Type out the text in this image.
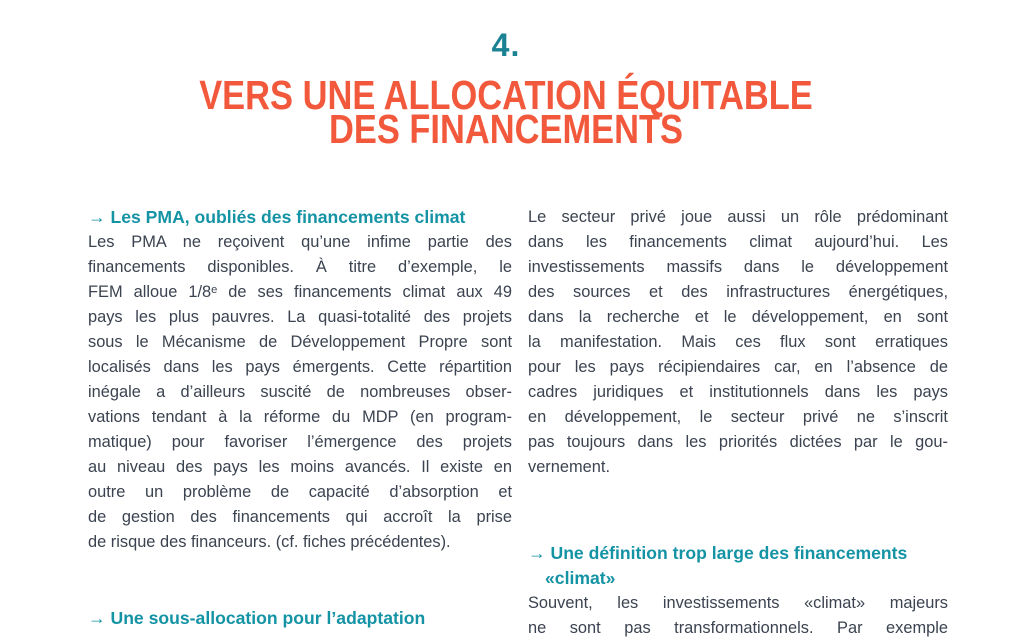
4.
VERS UNE ALLOCATION ÉQUITABLE
DES FINANCEMENTS
→ Les PMA, oubliés des financements climat
Les PMA ne reçoivent qu’une infime partie des
financements disponibles. À titre d’exemple, le
FEM alloue 1/8ᵉ de ses financements climat aux 49
pays les plus pauvres. La quasi-totalité des projets
sous le Mécanisme de Développement Propre sont
localisés dans les pays émergents. Cette répartition
inégale a d’ailleurs suscité de nombreuses obser-
vations tendant à la réforme du MDP (en program-
matique) pour favoriser l’émergence des projets
au niveau des pays les moins avancés. Il existe en
outre un problème de capacité d’absorption et
de gestion des financements qui accroît la prise
de risque des financeurs. (cf. fiches précédentes).
→ Une sous-allocation pour l’adaptation
Le secteur privé joue aussi un rôle prédominant
dans les financements climat aujourd’hui. Les
investissements massifs dans le développement
des sources et des infrastructures énergétiques,
dans la recherche et le développement, en sont
la manifestation. Mais ces flux sont erratiques
pour les pays récipiendaires car, en l’absence de
cadres juridiques et institutionnels dans les pays
en développement, le secteur privé ne s’inscrit
pas toujours dans les priorités dictées par le gou-
vernement.
→ Une définition trop large des financements
«climat»
Souvent, les investissements «climat» majeurs
ne sont pas transformationnels. Par exemple
